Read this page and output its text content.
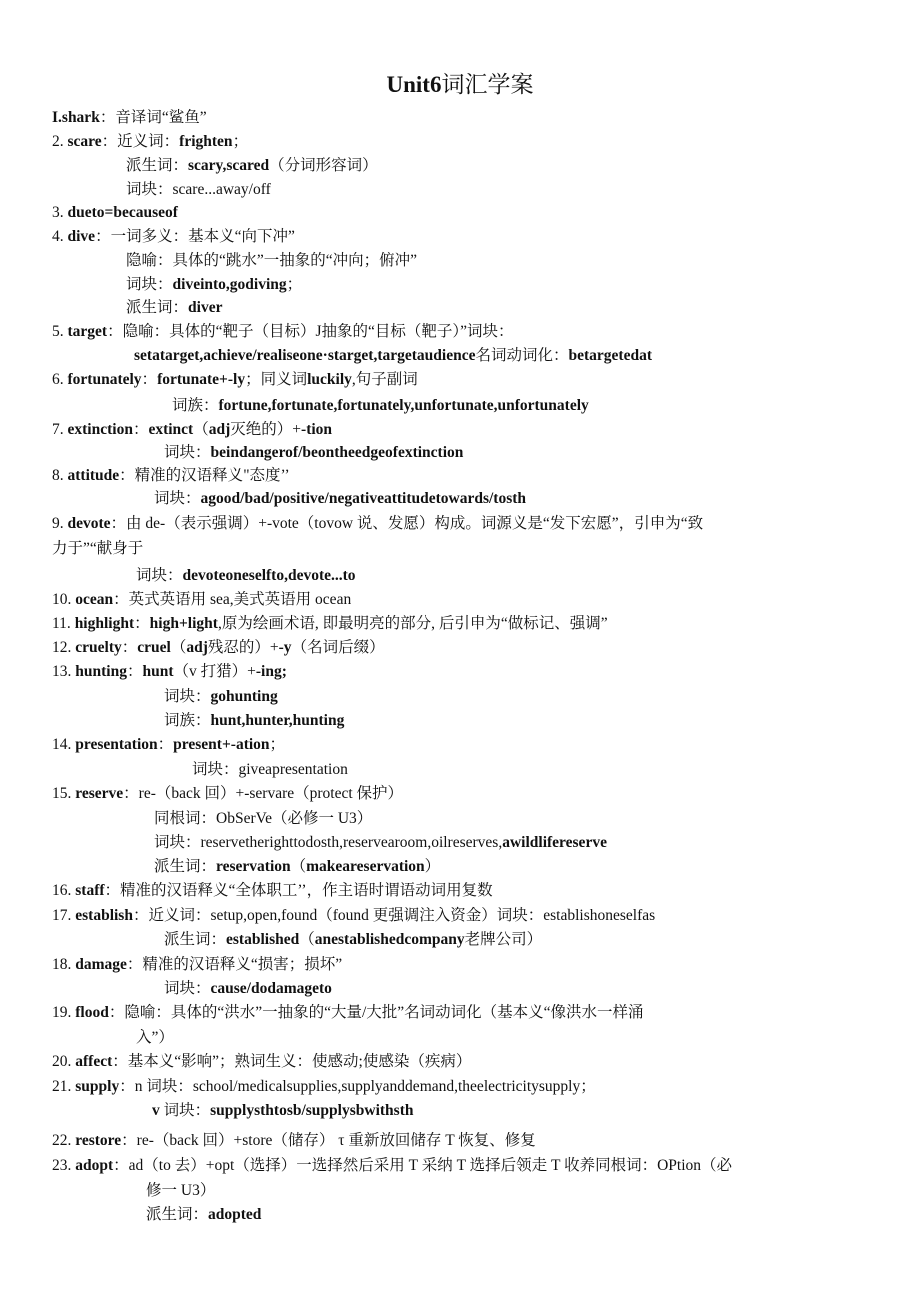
Unit6词汇学案
I.shark：音译词“鲨鱼”
2. scare：近义词：frighten；
派生词：scary,scared（分词形容词）
词块：scare...away/off
3. dueto=becauseof
4. dive：一词多义：基本义“向下冲”
隐喻：具体的“跳水”一抽象的“冲向；俯冲”
词块：diveinto,godiving；
派生词：diver
5. target：隐喻：具体的“靶子（目标）J抽象的“目标（靶子）”词块：
setatarget,achieve/realiseone·starget,targetaudience名词动词化：betargetedat
6. fortunately：fortunate+-ly；同义词luckily,句子副词
词族：fortune,fortunate,fortunately,unfortunate,unfortunately
7. extinction：extinct（adj灭绝的）+-tion
词块：beindangerof/beontheedgeofextinction
8. attitude：精准的汉语释义"态度’’
词块：agood/bad/positive/negativeattitudetowards/tosth
9. devote：由 de-（表示强调）+-vote（tovow 说、发愿）构成。词源义是“发下宏愿”，引申为“致
力于”“献身于
词块：devoteoneselfto,devote...to
10. ocean：英式英语用 sea,美式英语用 ocean
11. highlight：high+light,原为绘画术语, 即最明亮的部分, 后引申为“做标记、强调”
12. cruelty：cruel（adj残忍的）+-y（名词后缀）
13. hunting：hunt（v 打猎）+-ing;
词块：gohunting
词族：hunt,hunter,hunting
14. presentation：present+-ation；
词块：giveapresentation
15. reserve：re-（back 回）+-servare（protect 保护）
同根词：ObSerVe（必修一 U3）
词块：reservetherighttodosth,reservearoom,oilreserves,awildlifereserve
派生词：reservation（makeareservation）
16. staff：精准的汉语释义“全体职工’’，作主语时谓语动词用复数
17. establish：近义词：setup,open,found（found 更强调注入资金）词块：establishoneselfas
派生词：established（anestablishedcompany老牌公司）
18. damage：精准的汉语释义“损害；损坏”
词块：cause/dodamageto
19. flood：隐喻：具体的“洪水”一抽象的“大量/大批”名词动词化（基本义“像洪水一样涌
入”）
20. affect：基本义“影响”；熟词生义：使感动;使感染（疾病）
21. supply：n 词块：school/medicalsupplies,supplyanddemand,theelectricitysupply；
v 词块：supplysthtosb/supplysbwithsth
22. restore：re-（back 回）+store（储存） τ 重新放回储存 T 恢复、修复
23. adopt：ad（to 去）+opt（选择）一选择然后采用 T 采纳 T 选择后领走 T 收养同根词：OPtion（必
修一 U3）
派生词：adopted
